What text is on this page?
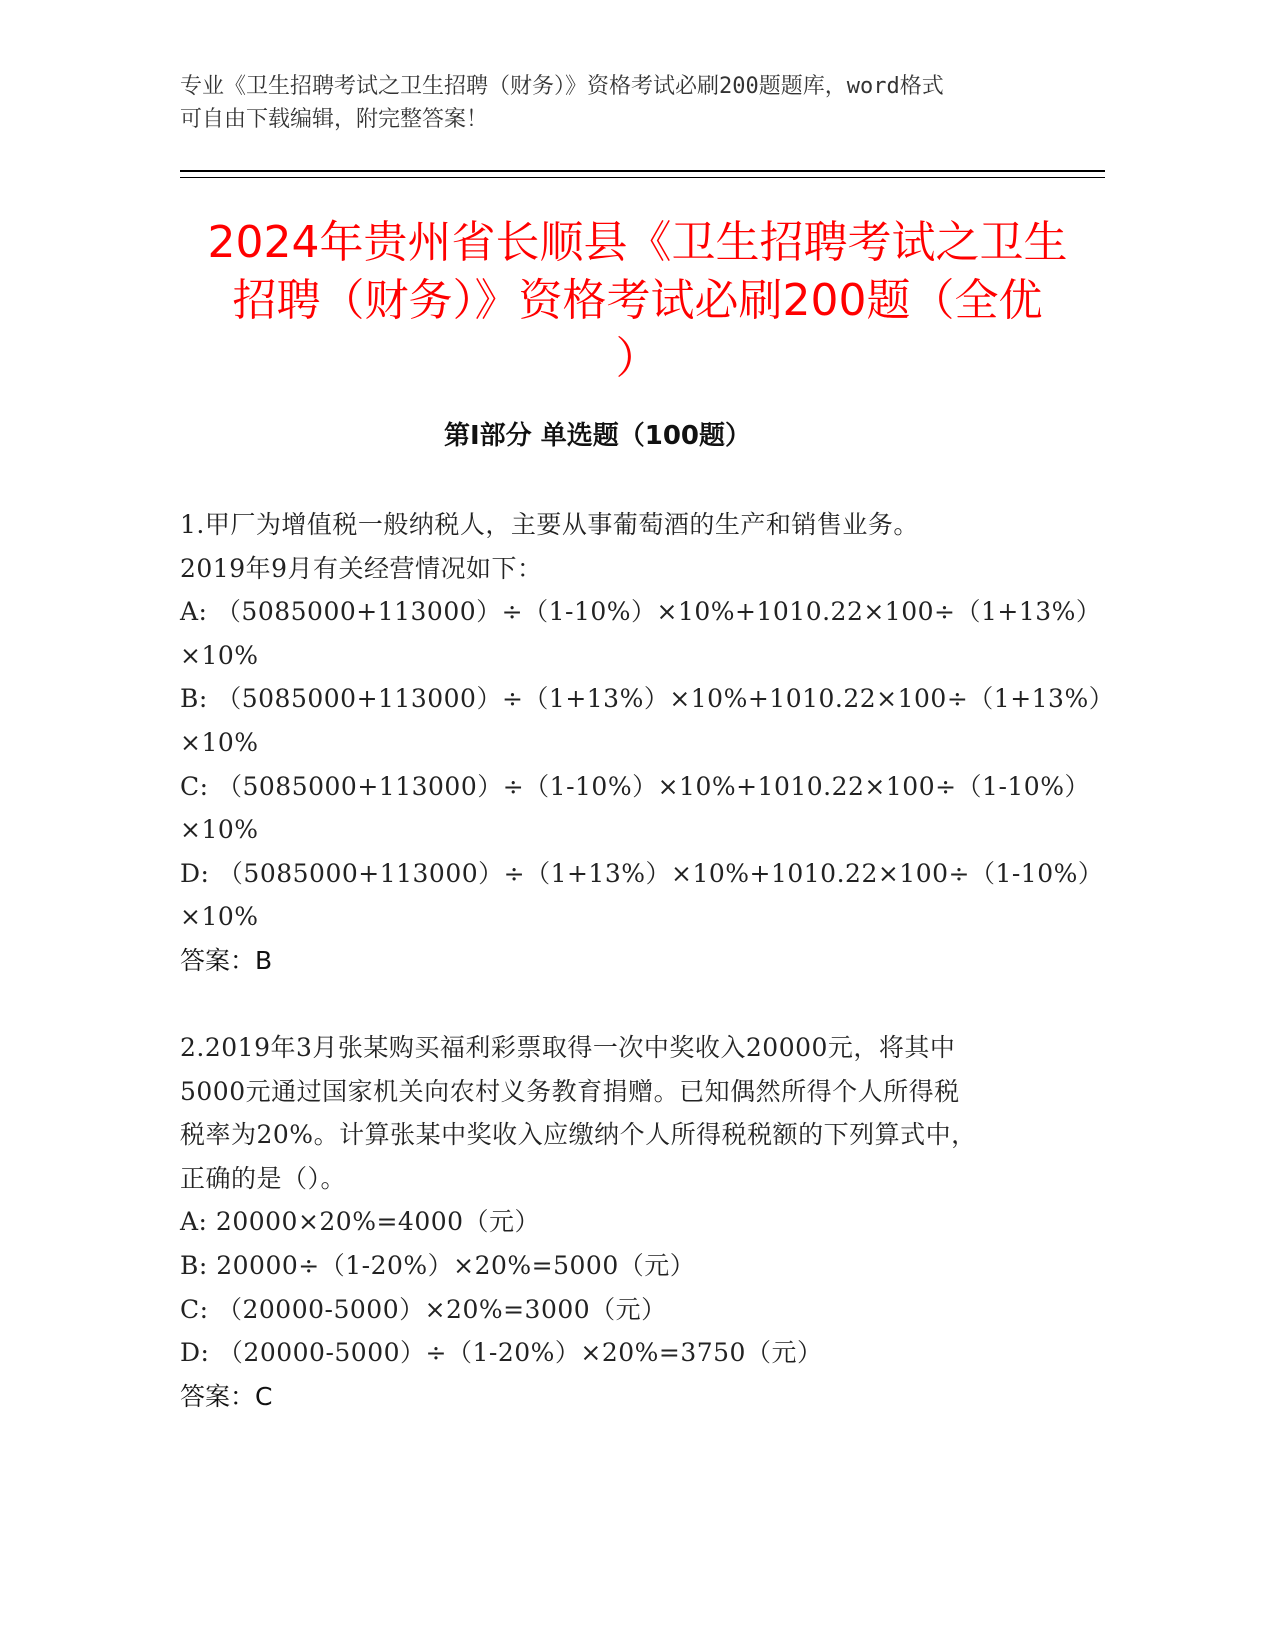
专业《卫生招聘考试之卫生招聘（财务）》资格考试必刷200题题库，word格式
可自由下载编辑，附完整答案！
2024年贵州省长顺县《卫生招聘考试之卫生
招聘（财务）》资格考试必刷200题（全优
）
第Ⅰ部分 单选题（100题）
1.甲厂为增值税一般纳税人，主要从事葡萄酒的生产和销售业务。
2019年9月有关经营情况如下：
A: （5085000+113000）÷（1-10%）×10%+1010.22×100÷（1+13%）
×10%
B: （5085000+113000）÷（1+13%）×10%+1010.22×100÷（1+13%）
×10%
C: （5085000+113000）÷（1-10%）×10%+1010.22×100÷（1-10%）
×10%
D: （5085000+113000）÷（1+13%）×10%+1010.22×100÷（1-10%）
×10%
答案：B
2.2019年3月张某购买福利彩票取得一次中奖收入20000元，将其中
5000元通过国家机关向农村义务教育捐赠。已知偶然所得个人所得税
税率为20%。计算张某中奖收入应缴纳个人所得税税额的下列算式中，
正确的是（）。
A: 20000×20%=4000（元）
B: 20000÷（1-20%）×20%=5000（元）
C: （20000-5000）×20%=3000（元）
D: （20000-5000）÷（1-20%）×20%=3750（元）
答案：C
